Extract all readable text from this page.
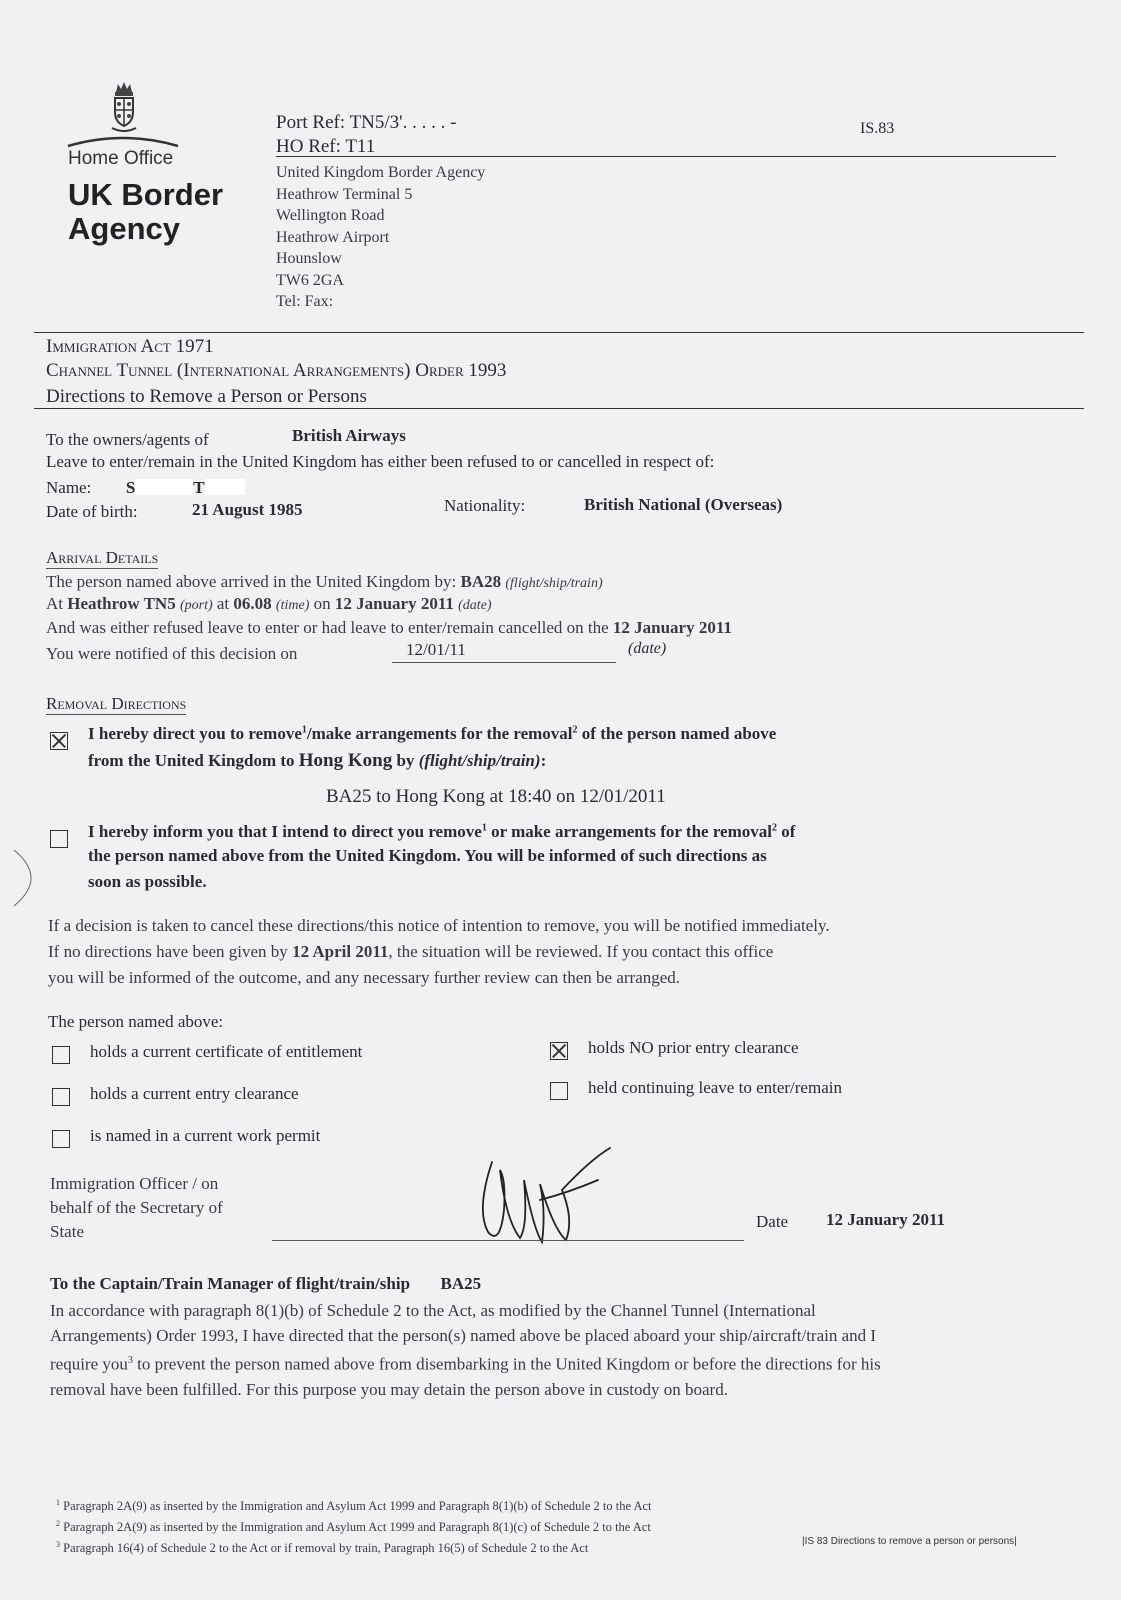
Home Office
UK Border
Agency
Port Ref: TN5/3'. . . . . -
HO Ref: T11
IS.83
United Kingdom Border Agency
Heathrow Terminal 5
Wellington Road
Heathrow Airport
Hounslow
TW6 2GA
Tel: Fax:
Immigration Act 1971
Channel Tunnel (International Arrangements) Order 1993
Directions to Remove a Person or Persons
To the owners/agents of	British Airways
Leave to enter/remain in the United Kingdom has either been refused to or cancelled in respect of:
Name: S	T
Date of birth:	21 August 1985	Nationality:	British National (Overseas)
Arrival Details
The person named above arrived in the United Kingdom by: BA28 (flight/ship/train)
At Heathrow TN5 (port) at 06.08 (time) on 12 January 2011 (date)
And was either refused leave to enter or had leave to enter/remain cancelled on the 12 January 2011
You were notified of this decision on	12/01/11	(date)
Removal Directions
I hereby direct you to remove$^1$/make arrangements for the removal$^2$ of the person named above
from the United Kingdom to Hong Kong by (flight/ship/train):
BA25 to Hong Kong at 18:40 on 12/01/2011
I hereby inform you that I intend to direct you remove$^1$ or make arrangements for the removal$^2$ of
the person named above from the United Kingdom. You will be informed of such directions as
soon as possible.
If a decision is taken to cancel these directions/this notice of intention to remove, you will be notified immediately.
If no directions have been given by 12 April 2011, the situation will be reviewed. If you contact this office
you will be informed of the outcome, and any necessary further review can then be arranged.
The person named above:
holds a current certificate of entitlement
holds a current entry clearance
is named in a current work permit
holds NO prior entry clearance
held continuing leave to enter/remain
Immigration Officer / on
behalf of the Secretary of
State
Date 12 January 2011
To the Captain/Train Manager of flight/train/ship BA25
In accordance with paragraph 8(1)(b) of Schedule 2 to the Act, as modified by the Channel Tunnel (International
Arrangements) Order 1993, I have directed that the person(s) named above be placed aboard your ship/aircraft/train and I
require you$^3$ to prevent the person named above from disembarking in the United Kingdom or before the directions for his
removal have been fulfilled. For this purpose you may detain the person above in custody on board.
$^1$ Paragraph 2A(9) as inserted by the Immigration and Asylum Act 1999 and Paragraph 8(1)(b) of Schedule 2 to the Act
$^2$ Paragraph 2A(9) as inserted by the Immigration and Asylum Act 1999 and Paragraph 8(1)(c) of Schedule 2 to the Act
$^3$ Paragraph 16(4) of Schedule 2 to the Act or if removal by train, Paragraph 16(5) of Schedule 2 to the Act	|IS 83 Directions to remove a person or persons|
